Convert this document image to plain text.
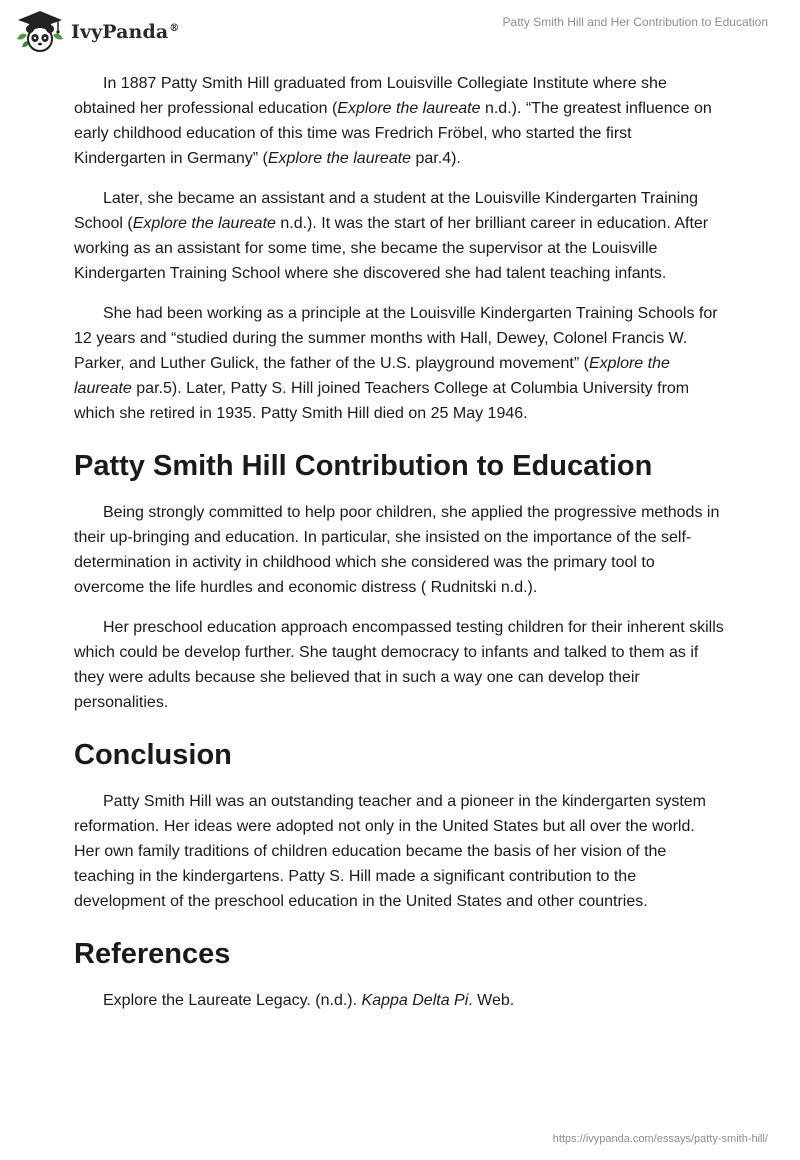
IvyPanda®	Patty Smith Hill and Her Contribution to Education

In 1887 Patty Smith Hill graduated from Louisville Collegiate Institute where she obtained her professional education (Explore the laureate n.d.). “The greatest influence on early childhood education of this time was Fredrich Fröbel, who started the first Kindergarten in Germany” (Explore the laureate par.4).

Later, she became an assistant and a student at the Louisville Kindergarten Training School (Explore the laureate n.d.). It was the start of her brilliant career in education. After working as an assistant for some time, she became the supervisor at the Louisville Kindergarten Training School where she discovered she had talent teaching infants.

She had been working as a principle at the Louisville Kindergarten Training Schools for 12 years and “studied during the summer months with Hall, Dewey, Colonel Francis W. Parker, and Luther Gulick, the father of the U.S. playground movement” (Explore the laureate par.5). Later, Patty S. Hill joined Teachers College at Columbia University from which she retired in 1935. Patty Smith Hill died on 25 May 1946.

Patty Smith Hill Contribution to Education

Being strongly committed to help poor children, she applied the progressive methods in their up-bringing and education. In particular, she insisted on the importance of the self-determination in activity in childhood which she considered was the primary tool to overcome the life hurdles and economic distress ( Rudnitski n.d.).

Her preschool education approach encompassed testing children for their inherent skills which could be develop further. She taught democracy to infants and talked to them as if they were adults because she believed that in such a way one can develop their personalities.

Conclusion

Patty Smith Hill was an outstanding teacher and a pioneer in the kindergarten system reformation. Her ideas were adopted not only in the United States but all over the world. Her own family traditions of children education became the basis of her vision of the teaching in the kindergartens. Patty S. Hill made a significant contribution to the development of the preschool education in the United States and other countries.

References

Explore the Laureate Legacy. (n.d.). Kappa Delta Pi. Web.

https://ivypanda.com/essays/patty-smith-hill/
